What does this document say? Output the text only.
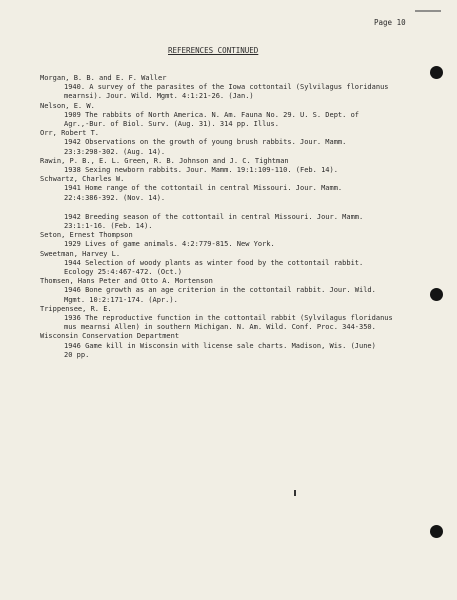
Page 10
REFERENCES CONTINUED
Morgan, B. B. and E. F. Waller
1940. A survey of the parasites of the Iowa cottontail (Sylvilagus floridanus
mearnsi). Jour. Wild. Mgmt. 4:1:21-26. (Jan.)
Nelson, E. W.
1909 The rabbits of North America. N. Am. Fauna No. 29. U. S. Dept. of
Agr.,-Bur. of Biol. Surv. (Aug. 31). 314 pp. Illus.
Orr, Robert T.
1942 Observations on the growth of young brush rabbits. Jour. Mamm.
23:3:298-302. (Aug. 14).
Rawin, P. B., E. L. Green, R. B. Johnson and J. C. Tightman
1938 Sexing newborn rabbits. Jour. Mamm. 19:1:109-110. (Feb. 14).
Schwartz, Charles W.
1941 Home range of the cottontail in central Missouri. Jour. Mamm.
22:4:386-392. (Nov. 14).
1942 Breeding season of the cottontail in central Missouri. Jour. Mamm.
23:1:1-16. (Feb. 14).
Seton, Ernest Thompson
1929 Lives of game animals. 4:2:779-815. New York.
Sweetman, Harvey L.
1944 Selection of woody plants as winter food by the cottontail rabbit.
Ecology 25:4:467-472. (Oct.)
Thomsen, Hans Peter and Otto A. Mortenson
1946 Bone growth as an age criterion in the cottontail rabbit. Jour. Wild.
Mgmt. 10:2:171-174. (Apr.).
Trippensee, R. E.
1936 The reproductive function in the cottontail rabbit (Sylvilagus floridanus
mus mearnsi Allen) in southern Michigan. N. Am. Wild. Conf. Proc. 344-350.
Wisconsin Conservation Department
1946 Game kill in Wisconsin with license sale charts. Madison, Wis. (June)
20 pp.
